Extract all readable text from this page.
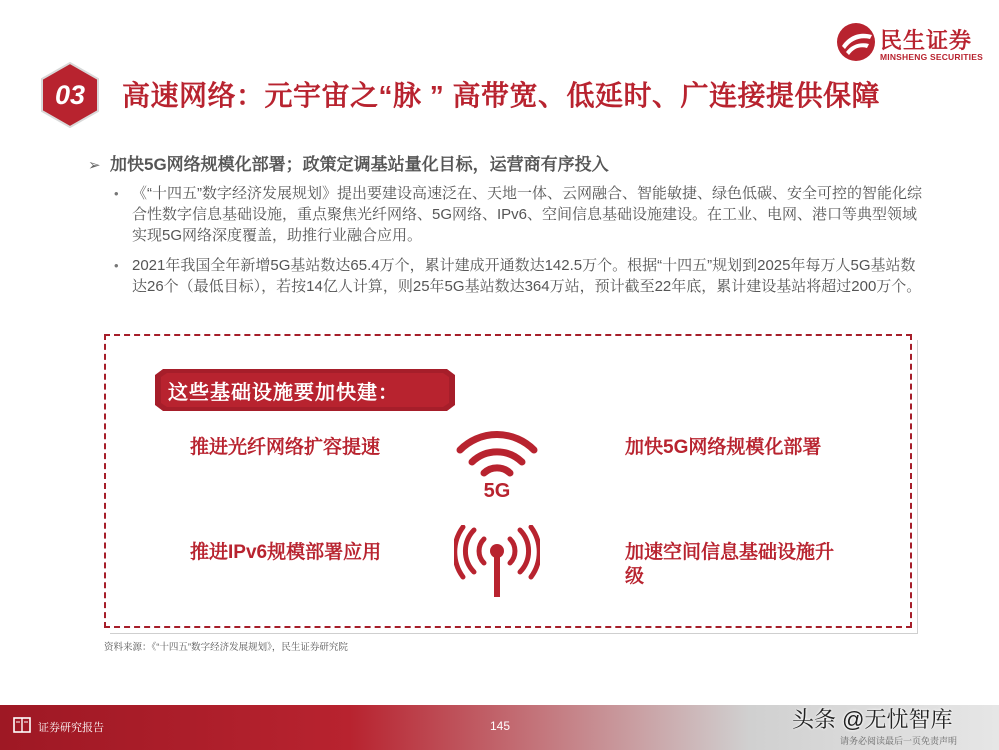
民生证券
MINSHENG SECURITIES
03	高速网络：元宇宙之“脉 ” 高带宽、低延时、广连接提供保障
➢ 加快5G网络规模化部署；政策定调基站量化目标，运营商有序投入
• 《“十四五”数字经济发展规划》提出要建设高速泛在、天地一体、云网融合、智能敏捷、绿色低碳、安全可控的智能化综合性数字信息基础设施，重点聚焦光纤网络、5G网络、IPv6、空间信息基础设施建设。在工业、电网、港口等典型领域实现5G网络深度覆盖，助推行业融合应用。
• 2021年我国全年新增5G基站数达65.4万个，累计建成开通数达142.5万个。根据“十四五”规划到2025年每万人5G基站数达26个（最低目标），若按14亿人计算，则25年5G基站数达364万站，预计截至22年底，累计建设基站将超过200万个。
这些基础设施要加快建：
推进光纤网络扩容提速	加快5G网络规模化部署
推进IPv6规模部署应用	加速空间信息基础设施升级
5G
资料来源：《“十四五”数字经济发展规划》，民生证券研究院
证券研究报告	145
请务必阅读最后一页免责声明
头条 @无忧智库
